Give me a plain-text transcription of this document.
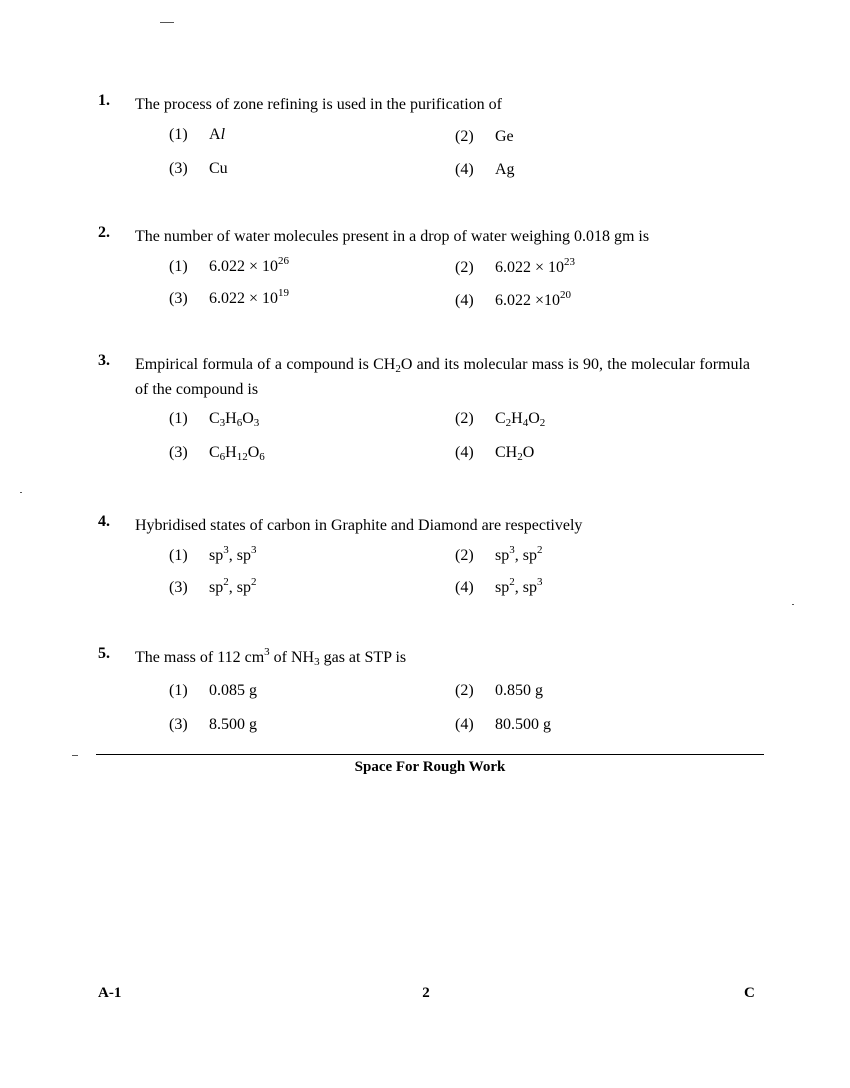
1. The process of zone refining is used in the purification of
(1) Al	(2) Ge
(3) Cu	(4) Ag
2. The number of water molecules present in a drop of water weighing 0.018 gm is
(1) $6.022 \times 10^{26}$	(2) $6.022 \times 10^{23}$
(3) $6.022 \times 10^{19}$	(4) $6.022 \times 10^{20}$
3. Empirical formula of a compound is $CH_2O$ and its molecular mass is 90, the molecular formula of the compound is
(1) $C_3H_6O_3$	(2) $C_2H_4O_2$
(3) $C_6H_{12}O_6$	(4) $CH_2O$
4. Hybridised states of carbon in Graphite and Diamond are respectively
(1) $sp^3$, $sp^3$	(2) $sp^3$, $sp^2$
(3) $sp^2$, $sp^2$	(4) $sp^2$, $sp^3$
5. The mass of 112 $cm^3$ of $NH_3$ gas at STP is
(1) 0.085 g	(2) 0.850 g
(3) 8.500 g	(4) 80.500 g
Space For Rough Work
A-1	2	C
